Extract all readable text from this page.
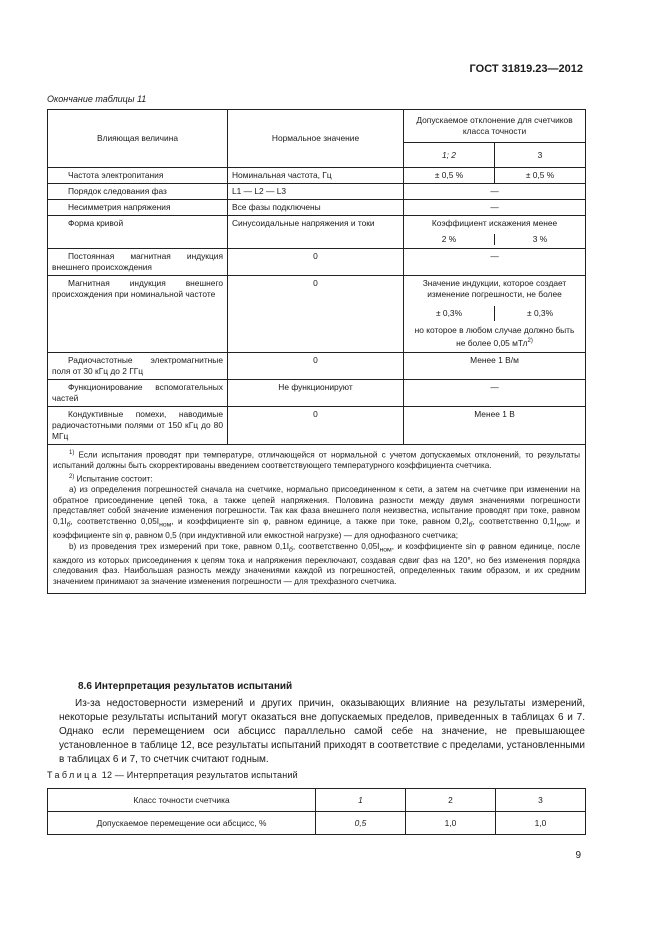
ГОСТ 31819.23—2012
Окончание таблицы 11
Влияющая величина	Нормальное значение	Допускаемое отклонение для счетчиков класса точности	
		1; 2	3
Частота электропитания	Номинальная частота, Гц	± 0,5 %	± 0,5 %
Порядок следования фаз	L1 — L2 — L3	—	
Несимметрия напряжения	Все фазы подключены	—	
Форма кривой	Синусоидальные напряжения и токи	Коэффициент искажения менее
2 % 3 %	

Постоянная магнитная индукция внешнего происхождения	0	—	
Магнитная индукция внешнего происхождения при номинальной частоте	0	Значение индукции, которое создает изменение погрешности, не более
± 0,3% ± 0,3%
но которое в любом случае должно быть не более 0,05 мТл$^{2)}$

Радиочастотные электромагнитные поля от 30 кГц до 2 ГГц	0	Менее 1 В/м	
Функционирование вспомогательных частей	Не функционируют	—	
Кондуктивные помехи, наводимые радиочастотными полями от 150 кГц до 80 МГц	0	Менее 1 В	

$^{1)}$ Если испытания проводят при температуре, отличающейся от нормальной с учетом допускаемых отклонений, то результаты испытаний должны быть скорректированы введением соответствующего температурного коэффициента счетчика.

$^{2)}$ Испытание состоит:

а) из определения погрешностей сначала на счетчике, нормально присоединенном к сети, а затем на счетчике при изменении на обратное присоединение цепей тока, а также цепей напряжения. Половина разности между двумя значениями погрешности представляет собой значение изменения погрешности. Так как фаза внешнего поля неизвестна, испытание проводят при токе, равном $0,1I_б$, соответственно $0,05I_{ном}$, и коэффициенте sin φ, равном единице, а также при токе, равном $0,2I_б$, соответственно $0,1I_{ном}$, и коэффициенте sin φ, равном 0,5 (при индуктивной или емкостной нагрузке) — для однофазного счетчика;

b) из проведения трех измерений при токе, равном $0,1I_б$, соответственно $0,05I_{ном}$, и коэффициенте sin φ равном единице, после каждого из которых присоединения к цепям тока и напряжения переключают, создавая сдвиг фаз на 120°, но без изменения порядка следования фаз. Наибольшая разность между значениями каждой из погрешностей, определенных таким образом, и их средним значением принимают за значение изменения погрешности — для трехфазного счетчика.			

8.6 Интерпретация результатов испытаний
Из-за недостоверности измерений и других причин, оказывающих влияние на результаты измерений, некоторые результаты испытаний могут оказаться вне допускаемых пределов, приведенных в таблицах 6 и 7. Однако если перемещением оси абсцисс параллельно самой себе на значение, не превышающее установленное в таблице 12, все результаты испытаний приходят в соответствие с пределами, установленными в таблицах 6 и 7, то счетчик считают годным.
Таблица 12 — Интерпретация результатов испытаний
Класс точности счетчика	1	2	3
Допускаемое перемещение оси абсцисс, %	0,5	1,0	1,0
9
